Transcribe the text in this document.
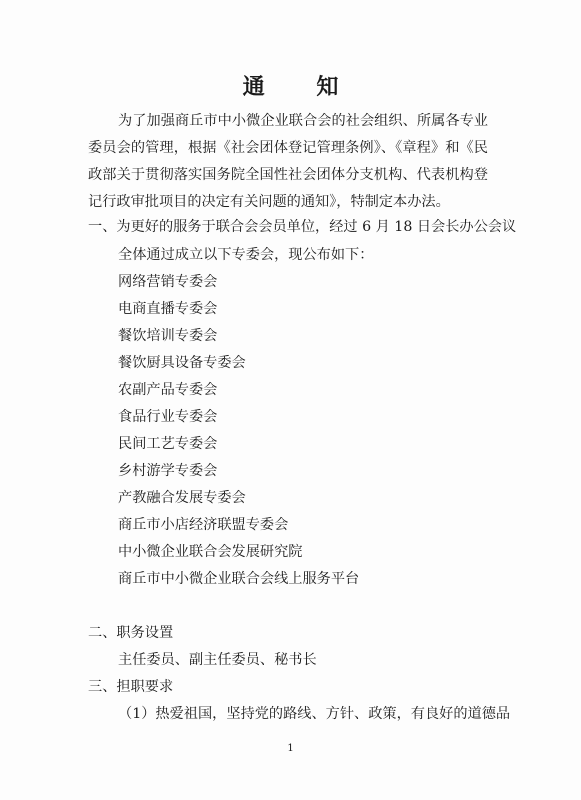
通 知
为了加强商丘市中小微企业联合会的社会组织、所属各专业委员会的管理，根据《社会团体登记管理条例》、《章程》和《民政部关于贯彻落实国务院全国性社会团体分支机构、代表机构登记行政审批项目的决定有关问题的通知》，特制定本办法。
一、为更好的服务于联合会会员单位，经过 6 月 18 日会长办公会议
全体通过成立以下专委会，现公布如下：
网络营销专委会
电商直播专委会
餐饮培训专委会
餐饮厨具设备专委会
农副产品专委会
食品行业专委会
民间工艺专委会
乡村游学专委会
产教融合发展专委会
商丘市小店经济联盟专委会
中小微企业联合会发展研究院
商丘市中小微企业联合会线上服务平台
二、职务设置
主任委员、副主任委员、秘书长
三、担职要求
（1）热爱祖国，坚持党的路线、方针、政策，有良好的道德品
1
